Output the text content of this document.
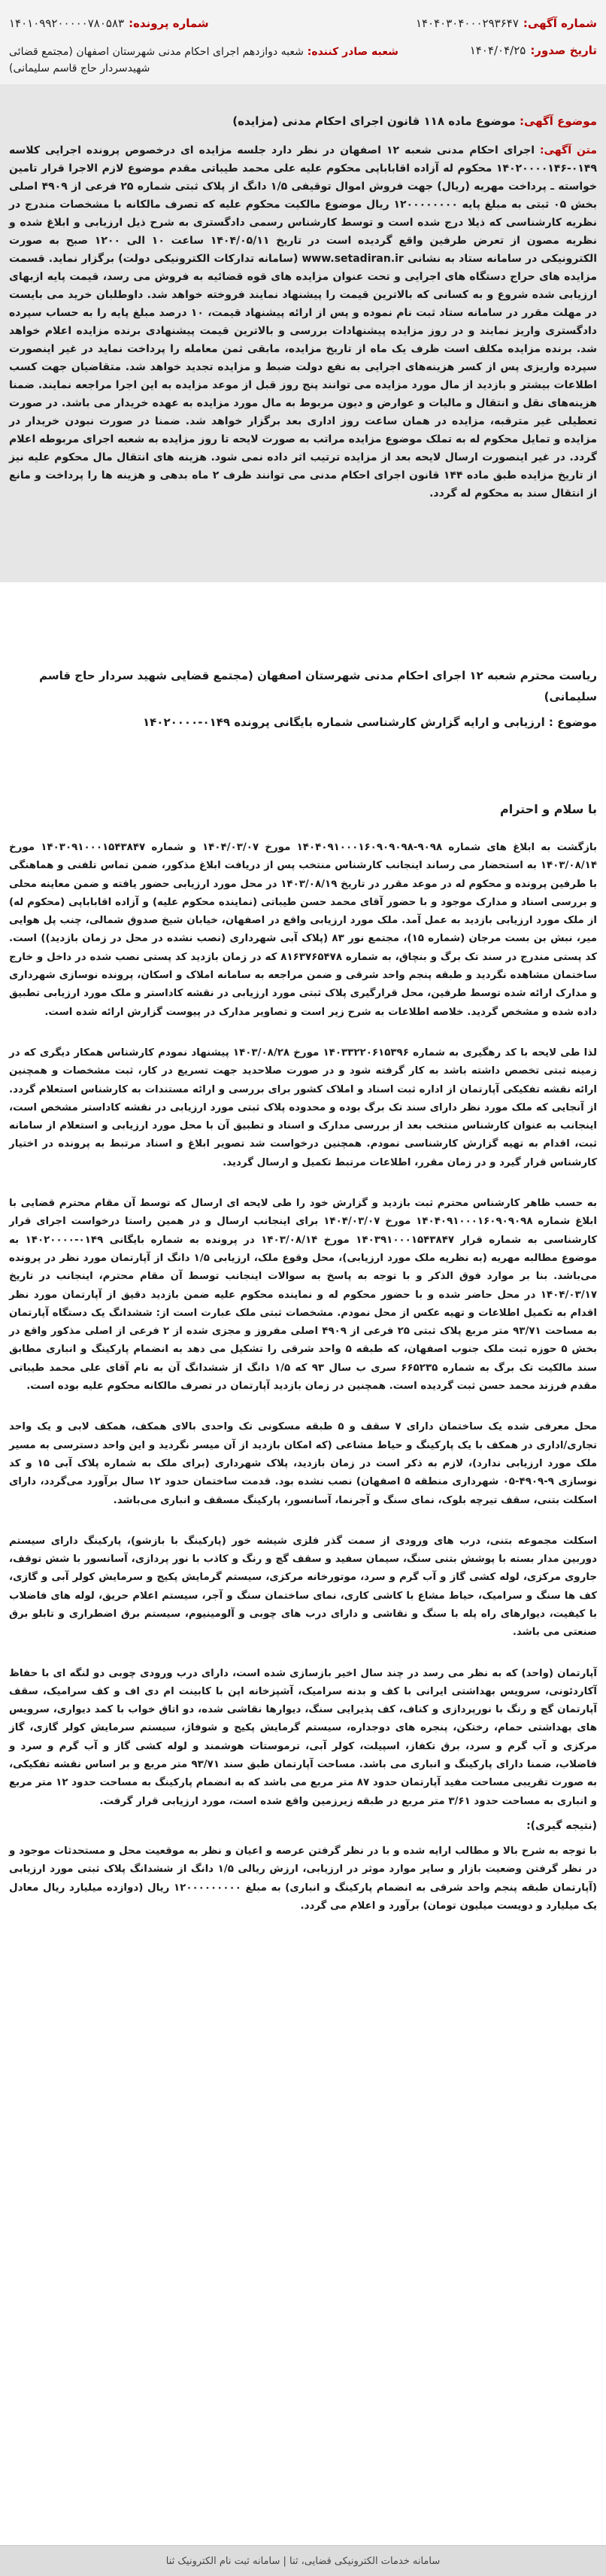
شماره آگهی:۱۴۰۴۰۳۰۴۰۰۰۲۹۳۶۴۷
شماره پرونده:۱۴۰۱۰۹۹۲۰۰۰۰۰۷۸۰۵۸۳
تاریخ صدور:۱۴۰۴/۰۴/۲۵
شعبه صادر کننده: شعبه دوازدهم اجرای احکام مدنی شهرستان اصفهان (مجتمع قضائی شهیدسردار حاج قاسم سلیمانی)
موضوع آگهی: موضوع ماده ۱۱۸ قانون اجرای احکام مدنی (مزایده)
متن آگهی: اجرای احکام مدنی شعبه ۱۲ اصفهان در نظر دارد جلسه مزایده ای درخصوص پرونده اجرایی کلاسه ۰۱۴۹‑۱۴۰۲۰۰۰۰۱۴۶ محکوم له آزاده اقاباباپی محکوم علیه علی محمد طیباتی مقدم موضوع لازم الاجرا قرار تامین خواسته ـ پرداخت مهریه (ریال) جهت فروش اموال توقیفی ۱/۵ دانگ از پلاک ثبتی شماره ۲۵ فرعی از ۴۹۰۹ اصلی بخش ۰۵ ثبتی به مبلغ پایه ۱۲۰۰۰۰۰۰۰۰ ریال موضوع مالکیت محکوم علیه که تصرف مالکانه با مشخصات مندرج در نظریه کارشناسی که ذیلا درج شده است و توسط کارشناس رسمی دادگستری به شرح ذیل ارزیابی و ابلاغ شده و نظریه مصون از تعرض طرفین واقع گردیده است در تاریخ ۱۴۰۴/۰۵/۱۱ ساعت ۱۰ الی ۱۲۰۰ صبح به صورت الکترونیکی در سامانه ستاد به نشانی www.setadiran.ir (سامانه تدارکات الکترونیکی دولت) برگزار نماید. قسمت مزایده های حراج دستگاه های اجرایی و تحت عنوان مزایده های قوه قضائیه به فروش می رسد، قیمت پایه ازبهای ارزیابی شده شروع و به کسانی که بالاترین قیمت را پیشنهاد نمایند فروخته خواهد شد. داوطلبان خرید می بایست در مهلت مقرر در سامانه ستاد ثبت نام نموده و پس از ارائه پیشنهاد قیمت، ۱۰ درصد مبلغ پایه را به حساب سپرده دادگستری واریز نمایند و در روز مزایده پیشنهادات بررسی و بالاترین قیمت پیشنهادی برنده مزایده اعلام خواهد شد. برنده مزایده مکلف است ظرف یک ماه از تاریخ مزایده، مابقی ثمن معامله را پرداخت نماید در غیر اینصورت سپرده واریزی پس از کسر هزینه‌های اجرایی به نفع دولت ضبط و مزایده تجدید خواهد شد. متقاضیان جهت کسب اطلاعات بیشتر و بازدید از مال مورد مزایده می توانند پنج روز قبل از موعد مزایده به این اجرا مراجعه نمایند. ضمنا هزینه‌های نقل و انتقال و مالیات و عوارض و دیون مربوط به مال مورد مزایده به عهده خریدار می باشد. در صورت تعطیلی غیر مترقبه، مزایده در همان ساعت روز اداری بعد برگزار خواهد شد. ضمنا در صورت نبودن خریدار در مزایده و تمایل محکوم له به تملک موضوع مزایده مراتب به صورت لایحه تا روز مزایده به شعبه اجرای مربوطه اعلام گردد. در غیر اینصورت ارسال لایحه بعد از مزایده ترتیب اثر داده نمی شود. هزینه های انتقال مال محکوم علیه نیز از تاریخ مزایده طبق ماده ۱۴۴ قانون اجرای احکام مدنی می توانند ظرف ۲ ماه بدهی و هزینه ها را پرداخت و مانع از انتقال سند به محکوم له گردد.
ریاست محترم شعبه ۱۲ اجرای احکام مدنی شهرستان اصفهان (مجتمع قضایی شهید سردار حاج قاسم سلیمانی)
موضوع : ارزیابی و ارایه گزارش کارشناسی شماره بایگانی پرونده ۰۱۴۹‑۱۴۰۲۰۰۰۰
با سلام و احترام
بازگشت به ابلاغ های شماره ۹۰۹۸‑۱۴۰۴۰۹۱۰۰۰۱۶۰۹۰۹۰۹۸ مورخ ۱۴۰۴/۰۳/۰۷ و شماره ۱۴۰۳۰۹۱۰۰۰۱۵۴۳۸۴۷ مورخ ۱۴۰۳/۰۸/۱۴ به استحضار می رساند اینجانب کارشناس منتخب پس از دریافت ابلاغ مذکور، ضمن تماس تلفنی و هماهنگی با طرفین پرونده و محکوم له در موعد مقرر در تاریخ ۱۴۰۳/۰۸/۱۹ در محل مورد ارزیابی حضور یافته و ضمن معاینه محلی و بررسی اسناد و مدارک موجود و با حضور آقای محمد حسن طیباتی (نماینده محکوم علیه) و آزاده اقاباباپی (محکوم له) از ملک مورد ارزیابی بازدید به عمل آمد. ملک مورد ارزیابی واقع در اصفهان، خیابان شیخ صدوق شمالی، چنب پل هوایی میر، نبش بن بست مرجان (شماره ۱۵)، مجتمع نور ۸۳ (پلاک آبی شهرداری (نصب نشده در محل در زمان بازدید)) است. کد پستی مندرج در سند تک برگ و بنچاق، به شماره ۸۱۶۳۷۶۵۴۷۸ که در زمان بازدید کد پستی نصب شده در داخل و خارج ساختمان مشاهده نگردید و طبقه پنجم واحد شرقی و ضمن مراجعه به سامانه املاک و اسکان، پرونده نوسازی شهرداری و مدارک ارائه شده توسط طرفین، محل قرارگیری پلاک ثبتی مورد ارزیابی در نقشه کاداستر و ملک مورد ارزیابی تطبیق داده شده و مشخص گردید. خلاصه اطلاعات به شرح زیر است و تصاویر مدارک در پیوست گزارش ارائه شده است.
لذا طی لایحه با کد رهگیری به شماره ۱۴۰۳۳۲۲۰۶۱۵۳۹۶ مورخ ۱۴۰۳/۰۸/۲۸ پیشنهاد نمودم کارشناس همکار دیگری که در زمینه ثبتی تخصص داشته باشد به کار گرفته شود و در صورت صلاحدید جهت تسریع در کار، ثبت مشخصات و همچنین ارائه نقشه تفکیکی آپارتمان از اداره ثبت اسناد و املاک کشور برای بررسی و ارائه مستندات به کارشناس استعلام گردد. از آنجایی که ملک مورد نظر دارای سند تک برگ بوده و محدوده پلاک ثبتی مورد ارزیابی در نقشه کاداستر مشخص است، اینجانب به عنوان کارشناس منتخب بعد از بررسی مدارک و اسناد و تطبیق آن با محل مورد ارزیابی و استعلام از سامانه ثبت، اقدام به تهیه گزارش کارشناسی نمودم. همچنین درخواست شد تصویر ابلاغ و اسناد مرتبط به پرونده در اختیار کارشناس قرار گیرد و در زمان مقرر، اطلاعات مرتبط تکمیل و ارسال گردید.
به حسب ظاهر کارشناس محترم ثبت بازدید و گزارش خود را طی لایحه ای ارسال که توسط آن مقام محترم قضایی با ابلاغ شماره ۱۴۰۴۰۹۱۰۰۰۱۶۰۹۰۹۰۹۸ مورخ ۱۴۰۴/۰۳/۰۷ برای اینجانب ارسال و در همین راستا درخواست اجرای قرار کارشناسی به شماره قرار ۱۴۰۳۹۱۰۰۰۱۵۴۳۸۴۷ مورخ ۱۴۰۳/۰۸/۱۴ در پرونده به شماره بایگانی ۰۱۴۹‑۱۴۰۲۰۰۰۰ به موضوع مطالبه مهریه (به نظریه ملک مورد ارزیابی)، محل وقوع ملک، ارزیابی ۱/۵ دانگ از آپارتمان مورد نظر در پرونده می‌باشد. بنا بر موارد فوق الذکر و با توجه به پاسخ به سوالات اینجانب توسط آن مقام محترم، اینجانب در تاریخ ۱۴۰۴/۰۳/۱۷ در محل حاضر شده و با حضور محکوم له و نماینده محکوم علیه ضمن بازدید دقیق از آپارتمان مورد نظر اقدام به تکمیل اطلاعات و تهیه عکس از محل نمودم. مشخصات ثبتی ملک عبارت است از: ششدانگ یک دستگاه آپارتمان به مساحت ۹۳/۷۱ متر مربع پلاک ثبتی ۲۵ فرعی از ۴۹۰۹ اصلی مفروز و مجزی شده از ۲ فرعی از اصلی مذکور واقع در بخش ۵ حوزه ثبت ملک جنوب اصفهان، که طبقه ۵ واحد شرقی را تشکیل می دهد به انضمام پارکینگ و انباری مطابق سند مالکیت تک برگ به شماره ۶۶۵۲۳۵ سری ب سال ۹۳ که ۱/۵ دانگ از ششدانگ آن به نام آقای علی محمد طیباتی مقدم فرزند محمد حسن ثبت گردیده است. همچنین در زمان بازدید آپارتمان در تصرف مالکانه محکوم علیه بوده است.
محل معرفی شده یک ساختمان دارای ۷ سقف و ۵ طبقه مسکونی تک واحدی بالای همکف، همکف لابی و یک واحد تجاری/اداری در همکف با یک پارکینگ و حیاط مشاعی (که امکان بازدید از آن میسر نگردید و این واحد دسترسی به مسیر ملک مورد ارزیابی ندارد)، لازم به ذکر است در زمان بازدید، پلاک شهرداری (برای ملک به شماره پلاک آبی ۱۵ و کد نوسازی ۹‑۴۹۰۹‑۰۵ شهرداری منطقه ۵ اصفهان) نصب نشده بود. قدمت ساختمان حدود ۱۲ سال برآورد می‌گردد، دارای اسکلت بتنی، سقف تیرچه بلوک، نمای سنگ و آجرنما، آسانسور، پارکینگ مسقف و انباری می‌باشد.
اسکلت مجموعه بتنی، درب های ورودی از سمت گذر فلزی شیشه خور (پارکینگ با بازشو)، پارکینگ دارای سیستم دوربین مدار بسته با پوشش بتنی سنگ، سیمان سفید و سقف گچ و رنگ و کاذب با نور پردازی، آسانسور با شش توقف، جاروی مرکزی، لوله کشی گاز و آب گرم و سرد، موتورخانه مرکزی، سیستم گرمایش پکیج و سرمایش کولر آبی و گازی، کف ها سنگ و سرامیک، حیاط مشاع با کاشی کاری، نمای ساختمان سنگ و آجر، سیستم اعلام حریق، لوله های فاضلاب با کیفیت، دیوارهای راه پله با سنگ و نقاشی و دارای درب های چوبی و آلومینیوم، سیستم برق اضطراری و تابلو برق صنعتی می باشد.
آپارتمان (واحد) که به نظر می رسد در چند سال اخیر بازسازی شده است، دارای درب ورودی چوبی دو لنگه ای با حفاظ آکاردئونی، سرویس بهداشتی ایرانی با کف و بدنه سرامیک، آشپزخانه اپن با کابینت ام دی اف و کف سرامیک، سقف آپارتمان گچ و رنگ با نورپردازی و کناف، کف پذیرایی سنگ، دیوارها نقاشی شده، دو اتاق خواب با کمد دیواری، سرویس های بهداشتی حمام، رختکن، پنجره های دوجداره، سیستم گرمایش پکیج و شوفاژ، سیستم سرمایش کولر گازی، گاز مرکزی و آب گرم و سرد، برق تکفاز، اسپیلت، کولر آبی، ترموستات هوشمند و لوله کشی گاز و آب گرم و سرد و فاضلاب، ضمنا دارای پارکینگ و انباری می باشد. مساحت آپارتمان طبق سند ۹۳/۷۱ متر مربع و بر اساس نقشه تفکیکی، به صورت تقریبی مساحت مفید آپارتمان حدود ۸۷ متر مربع می باشد که به انضمام پارکینگ به مساحت حدود ۱۲ متر مربع و انباری به مساحت حدود ۳/۶۱ متر مربع در طبقه زیرزمین واقع شده است، مورد ارزیابی قرار گرفت.
(نتیجه گیری):
با توجه به شرح بالا و مطالب ارایه شده و با در نظر گرفتن عرصه و اعیان و نظر به موقعیت محل و مستحدثات موجود و در نظر گرفتن وضعیت بازار و سایر موارد موثر در ارزیابی، ارزش ریالی ۱/۵ دانگ از ششدانگ پلاک ثبتی مورد ارزیابی (آپارتمان طبقه پنجم واحد شرقی به انضمام پارکینگ و انباری) به مبلغ ۱۲۰۰۰۰۰۰۰۰۰ ریال (دوازده میلیارد ریال معادل یک میلیارد و دویست میلیون تومان) برآورد و اعلام می گردد.
سامانه خدمات الکترونیکی قضایی، ثنا | سامانه ثبت نام الکترونیک ثنا
